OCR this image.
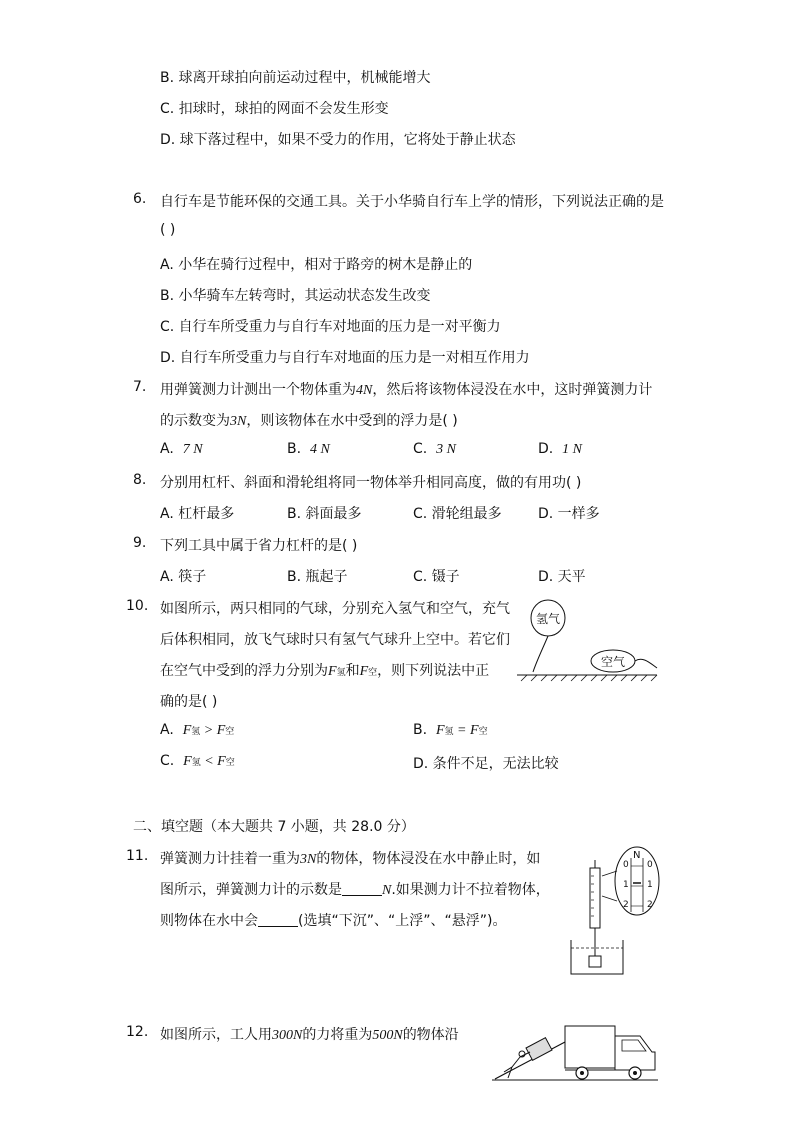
B. 球离开球拍向前运动过程中，机械能增大
C. 扣球时，球拍的网面不会发生形变
D. 球下落过程中，如果不受力的作用，它将处于静止状态
6. 自行车是节能环保的交通工具。关于小华骑自行车上学的情形，下列说法正确的是
( )
A. 小华在骑行过程中，相对于路旁的树木是静止的
B. 小华骑车左转弯时，其运动状态发生改变
C. 自行车所受重力与自行车对地面的压力是一对平衡力
D. 自行车所受重力与自行车对地面的压力是一对相互作用力
7. 用弹簧测力计测出一个物体重为4N，然后将该物体浸没在水中，这时弹簧测力计
的示数变为3N，则该物体在水中受到的浮力是( )
A. 7 N	B. 4 N	C. 3 N	D. 1 N
8. 分别用杠杆、斜面和滑轮组将同一物体举升相同高度，做的有用功( )
A. 杠杆最多	B. 斜面最多	C. 滑轮组最多	D. 一样多
9. 下列工具中属于省力杠杆的是( )
A. 筷子	B. 瓶起子	C. 镊子	D. 天平
10. 如图所示，两只相同的气球，分别充入氢气和空气，充气
后体积相同，放飞气球时只有氢气气球升上空中。若它们
在空气中受到的浮力分别为F氢和F空，则下列说法中正
确的是( )
A. F氢 > F空	B. F氢 = F空
C. F氢 < F空	D. 条件不足，无法比较
氢气
空气
二、填空题（本大题共 7 小题，共 28.0 分）
11. 弹簧测力计挂着一重为3N的物体，物体浸没在水中静止时，如
图所示，弹簧测力计的示数是	N.如果测力计不拉着物体，
则物体在水中会	(选填“下沉”、“上浮”、“悬浮”)。
N
0 0
1 1
2 2
12. 如图所示，工人用300N的力将重为500N的物体沿
